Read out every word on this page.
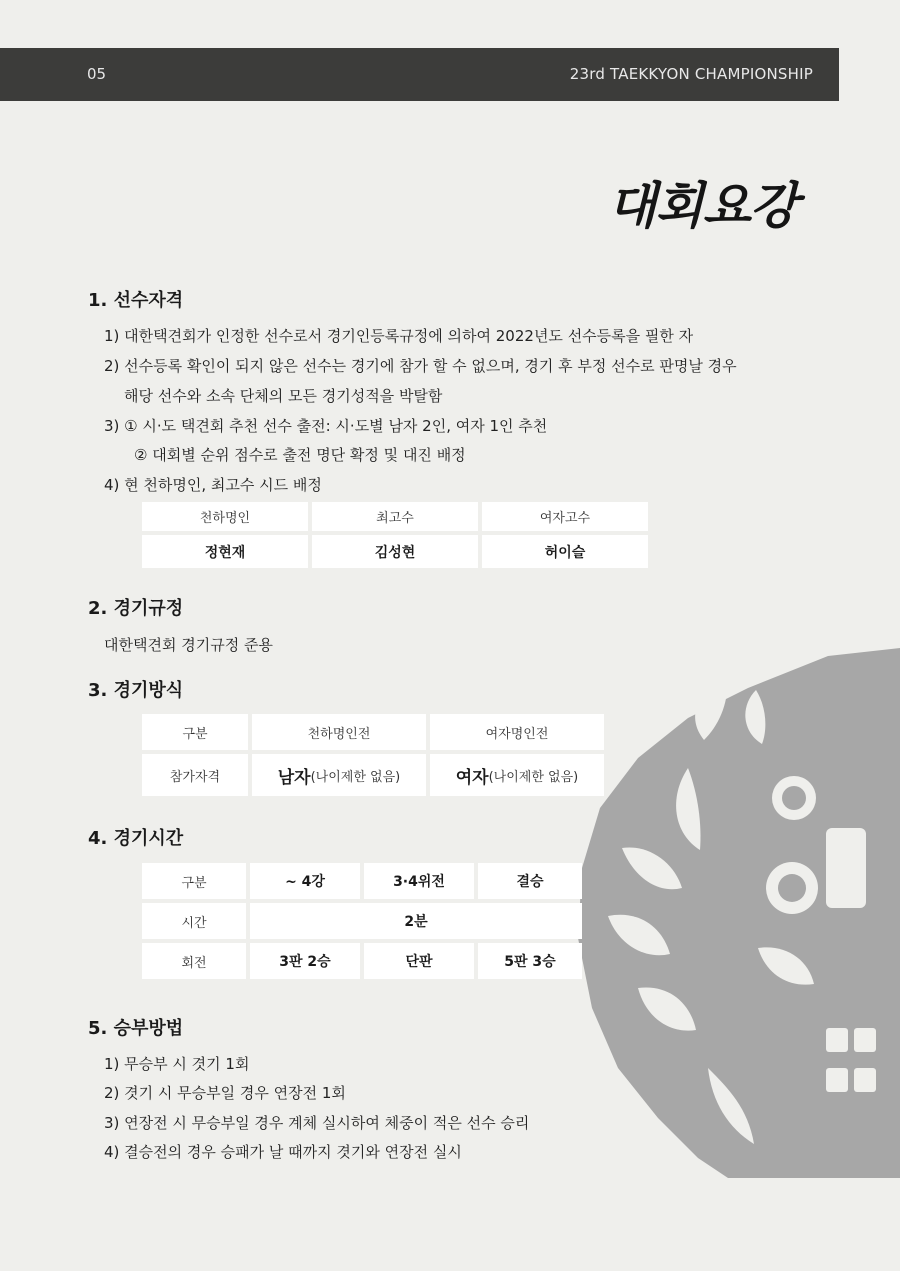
05	23rd TAEKKYON CHAMPIONSHIP
대회요강
1. 선수자격
1) 대한택견회가 인정한 선수로서 경기인등록규정에 의하여 2022년도 선수등록을 필한 자
2) 선수등록 확인이 되지 않은 선수는 경기에 참가 할 수 없으며, 경기 후 부정 선수로 판명날 경우
해당 선수와 소속 단체의 모든 경기성적을 박탈함
3) ① 시·도 택견회 추천 선수 출전: 시·도별 남자 2인, 여자 1인 추천
② 대회별 순위 점수로 출전 명단 확정 및 대진 배정
4) 현 천하명인, 최고수 시드 배정
천하명인	최고수	여자고수
정현재	김성현	허이슬
2. 경기규정
대한택견회 경기규정 준용
3. 경기방식
구분	천하명인전	여자명인전
참가자격	남자 (나이제한 없음)	여자 (나이제한 없음)
4. 경기시간
구분	~ 4강	3·4위전	결승
시간	2분
회전	3판 2승	단판	5판 3승
5. 승부방법
1) 무승부 시 겻기 1회
2) 겻기 시 무승부일 경우 연장전 1회
3) 연장전 시 무승부일 경우 계체 실시하여 체중이 적은 선수 승리
4) 결승전의 경우 승패가 날 때까지 겻기와 연장전 실시
